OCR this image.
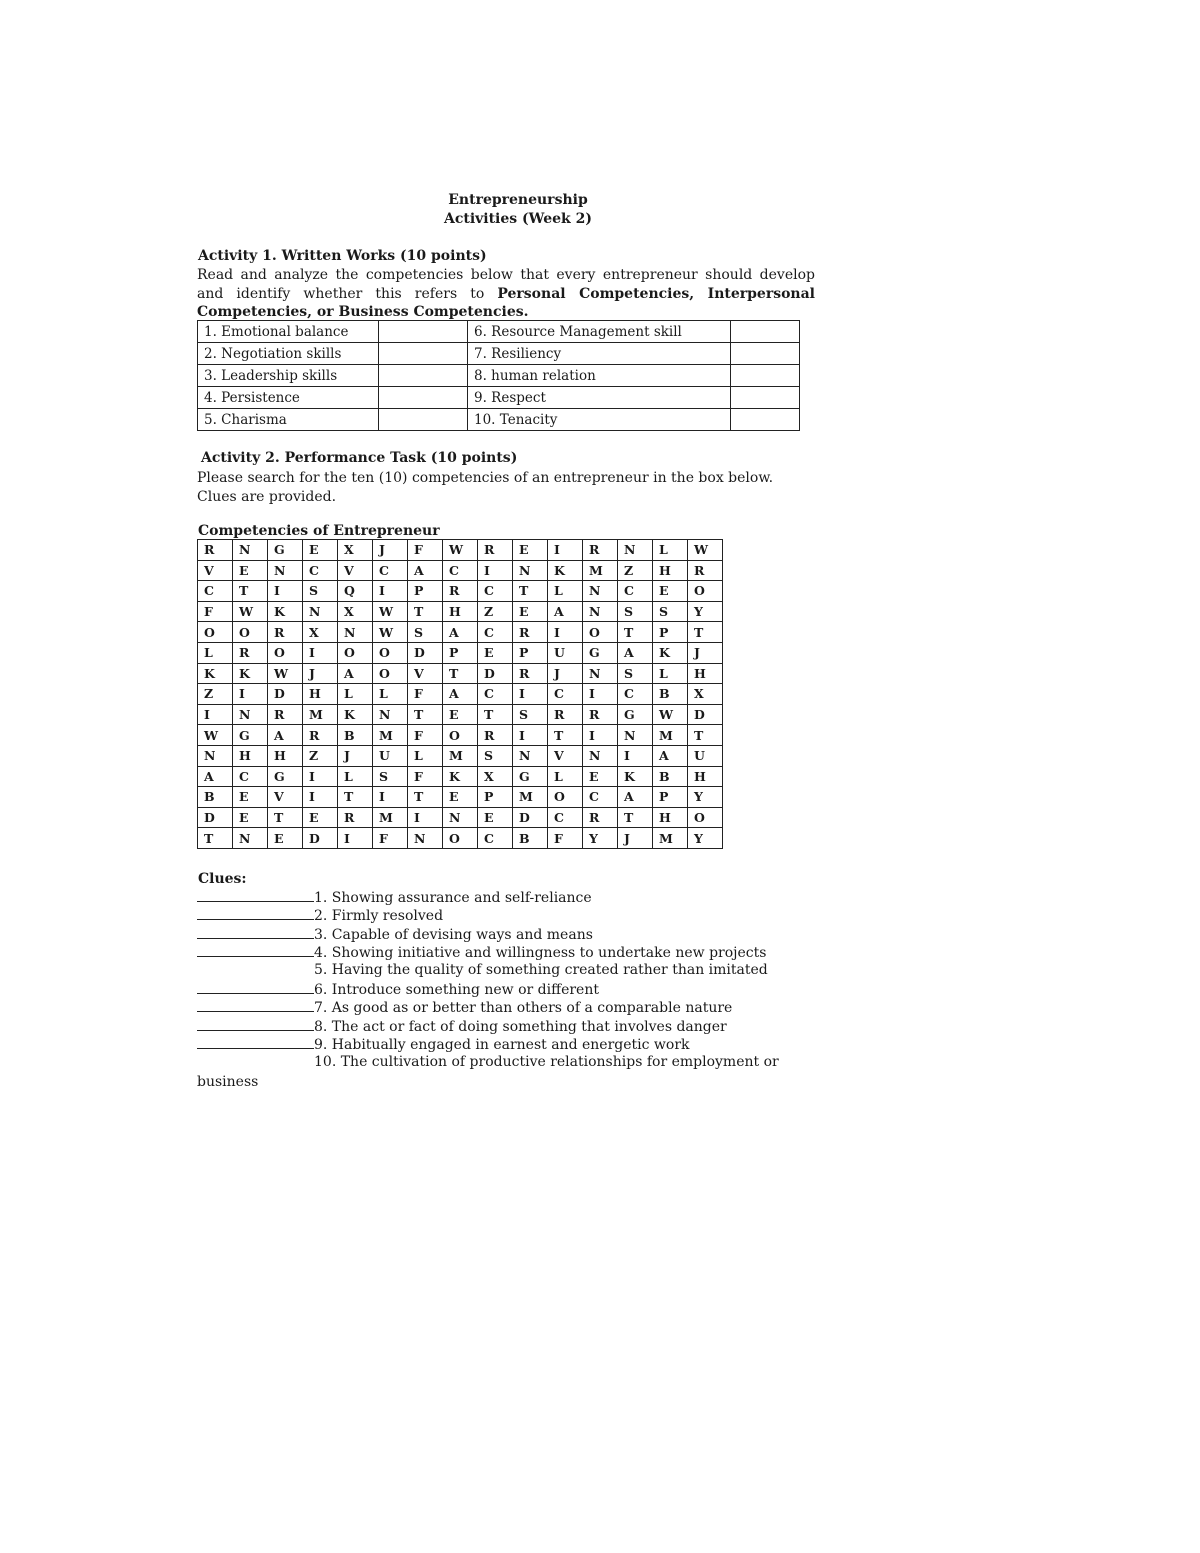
Entrepreneurship
Activities (Week 2)
Activity 1. Written Works (10 points)
Read and analyze the competencies below that every entrepreneur should develop and identify whether this refers to Personal Competencies, Interpersonal Competencies, or Business Competencies.
1. Emotional balance		6. Resource Management skill	
2. Negotiation skills		7. Resiliency	
3. Leadership skills		8. human relation	
4. Persistence		9. Respect	
5. Charisma		10. Tenacity	
Activity 2. Performance Task (10 points)
Please search for the ten (10) competencies of an entrepreneur in the box below. Clues are provided.
Competencies of Entrepreneur
R	N	G	E	X	J	F	W	R	E	I	R	N	L	W
V	E	N	C	V	C	A	C	I	N	K	M	Z	H	R
C	T	I	S	Q	I	P	R	C	T	L	N	C	E	O
F	W	K	N	X	W	T	H	Z	E	A	N	S	S	Y
O	O	R	X	N	W	S	A	C	R	I	O	T	P	T
L	R	O	I	O	O	D	P	E	P	U	G	A	K	J
K	K	W	J	A	O	V	T	D	R	J	N	S	L	H
Z	I	D	H	L	L	F	A	C	I	C	I	C	B	X
I	N	R	M	K	N	T	E	T	S	R	R	G	W	D
W	G	A	R	B	M	F	O	R	I	T	I	N	M	T
N	H	H	Z	J	U	L	M	S	N	V	N	I	A	U
A	C	G	I	L	S	F	K	X	G	L	E	K	B	H
B	E	V	I	T	I	T	E	P	M	O	C	A	P	Y
D	E	T	E	R	M	I	N	E	D	C	R	T	H	O
T	N	E	D	I	F	N	O	C	B	F	Y	J	M	Y
Clues:
1. Showing assurance and self-reliance
2. Firmly resolved
3. Capable of devising ways and means
4. Showing initiative and willingness to undertake new projects
5. Having the quality of something created rather than imitated
6. Introduce something new or different
7. As good as or better than others of a comparable nature
8. The act or fact of doing something that involves danger
9. Habitually engaged in earnest and energetic work
10. The cultivation of productive relationships for employment or
business
